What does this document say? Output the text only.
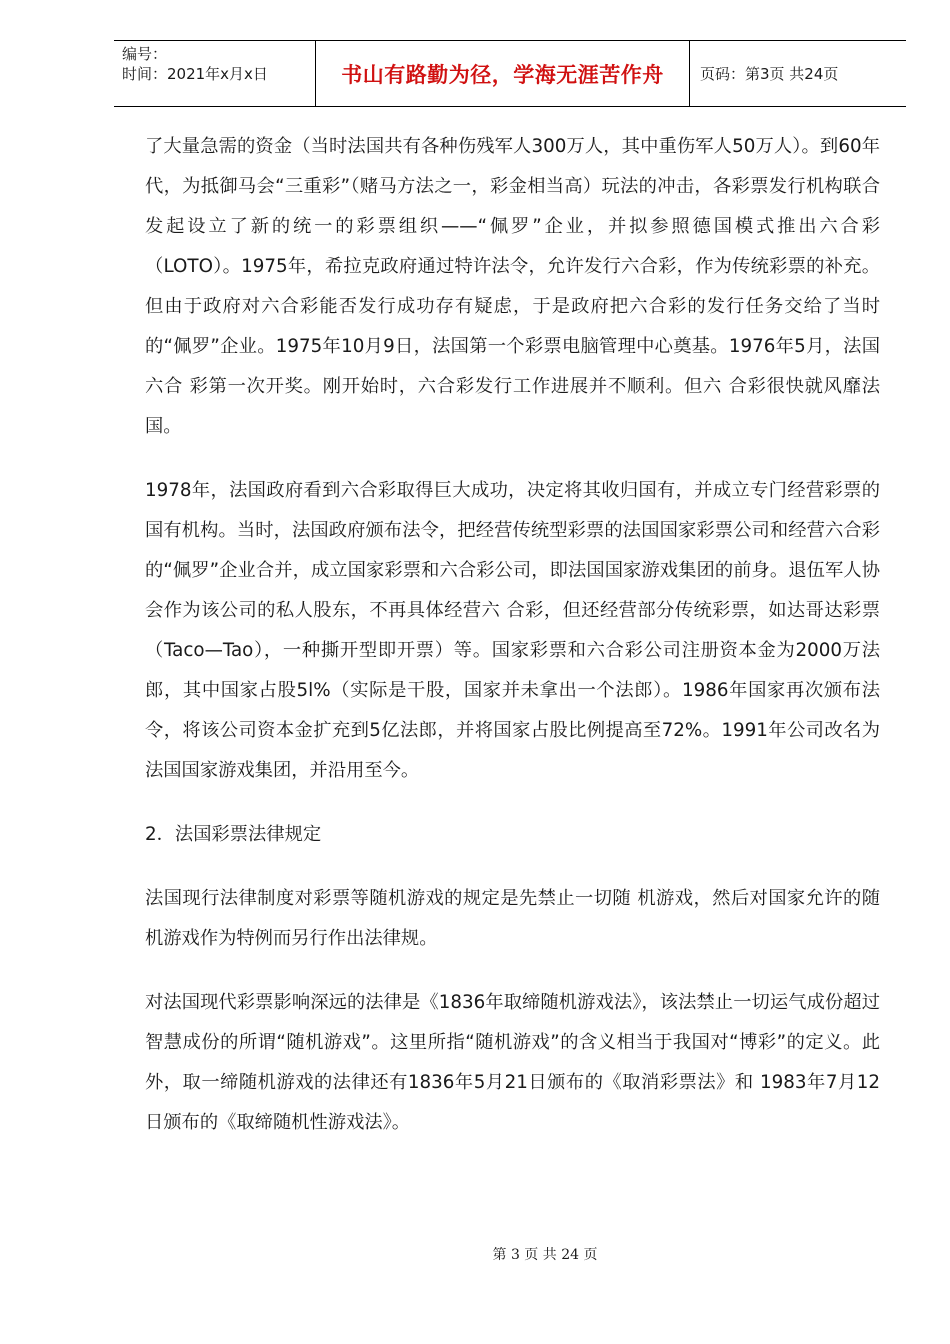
编号：
时间：2021年x月x日	书山有路勤为径，学海无涯苦作舟	页码：第3页 共24页

了大量急需的资金（当时法国共有各种伤残军人300万人，其中重伤军人50万人）。到60年代，为抵御马会“三重彩”（赌马方法之一，彩金相当高）玩法的冲击，各彩票发行机构联合发起设立了新的统一的彩票组织——“佩罗”企业，并拟参照德国模式推出六合彩（LOTO）。1975年，希拉克政府通过特许法令，允许发行六合彩，作为传统彩票的补充。但由于政府对六合彩能否发行成功存有疑虑，于是政府把六合彩的发行任务交给了当时的“佩罗”企业。1975年10月9日，法国第一个彩票电脑管理中心奠基。1976年5月，法国六合 彩第一次开奖。刚开始时，六合彩发行工作进展并不顺利。但六 合彩很快就风靡法国。

1978年，法国政府看到六合彩取得巨大成功，决定将其收归国有，并成立专门经营彩票的国有机构。当时，法国政府颁布法令，把经营传统型彩票的法国国家彩票公司和经营六合彩的“佩罗”企业合并，成立国家彩票和六合彩公司，即法国国家游戏集团的前身。退伍军人协会作为该公司的私人股东，不再具体经营六 合彩，但还经营部分传统彩票，如达哥达彩票（Taco—Tao），一种撕开型即开票）等。国家彩票和六合彩公司注册资本金为2000万法 郎，其中国家占股5l%（实际是干股，国家并未拿出一个法郎）。1986年国家再次颁布法令，将该公司资本金扩充到5亿法郎，并将国家占股比例提高至72%。1991年公司改名为法国国家游戏集团，并沿用至今。

2．法国彩票法律规定

法国现行法律制度对彩票等随机游戏的规定是先禁止一切随 机游戏，然后对国家允许的随机游戏作为特例而另行作出法律规。

对法国现代彩票影响深远的法律是《1836年取缔随机游戏法》，该法禁止一切运气成份超过智慧成份的所谓“随机游戏”。这里所指“随机游戏”的含义相当于我国对“博彩”的定义。此外，取一缔随机游戏的法律还有1836年5月21日颁布的《取消彩票法》和 1983年7月12日颁布的《取缔随机性游戏法》。

第 3 页 共 24 页
